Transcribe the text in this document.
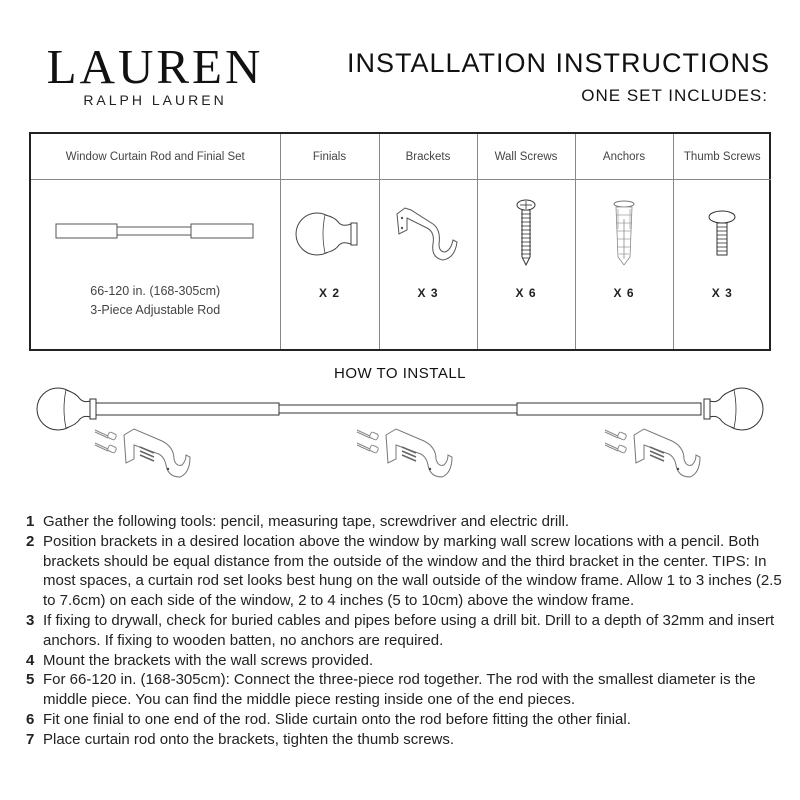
LAUREN
RALPH LAUREN
INSTALLATION INSTRUCTIONS
ONE SET INCLUDES:
Window Curtain Rod and Finial Set	Finials	Brackets	Wall Screws	Anchors	Thumb Screws

66-120 in. (168-305cm)
3-Piece Adjustable Rod	X 2	X 3	X 6	X 6	X 3
HOW TO INSTALL
1 Gather the following tools: pencil, measuring tape, screwdriver and electric drill.
2 Position brackets in a desired location above the window by marking wall screw locations with a pencil. Both brackets should be equal distance from the outside of the window and the third bracket in the center. TIPS: In most spaces, a curtain rod set looks best hung on the wall outside of the window frame. Allow 1 to 3 inches (2.5 to 7.6cm) on each side of the window, 2 to 4 inches (5 to 10cm) above the window frame.
3 If fixing to drywall, check for buried cables and pipes before using a drill bit. Drill to a depth of 32mm and insert anchors. If fixing to wooden batten, no anchors are required.
4 Mount the brackets with the wall screws provided.
5 For 66-120 in. (168-305cm): Connect the three-piece rod together. The rod with the smallest diameter is the middle piece. You can find the middle piece resting inside one of the end pieces.
6 Fit one finial to one end of the rod. Slide curtain onto the rod before fitting the other finial.
7 Place curtain rod onto the brackets, tighten the thumb screws.
